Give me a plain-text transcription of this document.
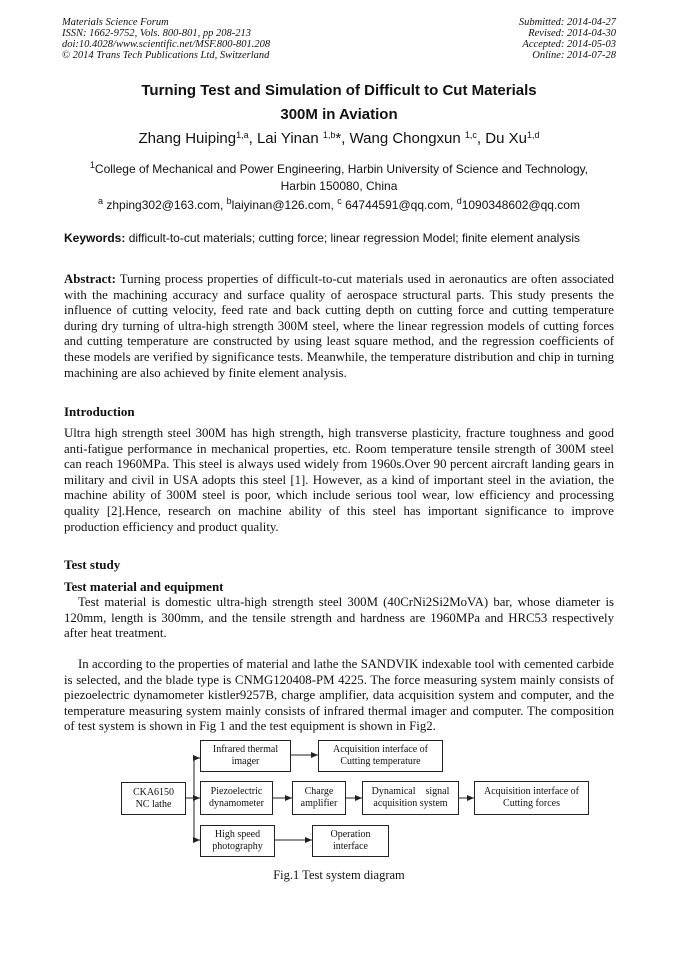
Materials Science Forum
ISSN: 1662-9752, Vols. 800-801, pp 208-213
doi:10.4028/www.scientific.net/MSF.800-801.208
© 2014 Trans Tech Publications Ltd, Switzerland
Submitted: 2014-04-27
Revised: 2014-04-30
Accepted: 2014-05-03
Online: 2014-07-28
Turning Test and Simulation of Difficult to Cut Materials
300M in Aviation
Zhang Huiping$^{1,a}$, Lai Yinan $^{1,b}$*, Wang Chongxun $^{1,c}$, Du Xu$^{1,d}$
$^1$College of Mechanical and Power Engineering, Harbin University of Science and Technology, Harbin 150080, China
$^a$ zhping302@163.com, $^b$laiyinan@126.com, $^c$ 64744591@qq.com, $^d$1090348602@qq.com
Keywords: difficult-to-cut materials; cutting force; linear regression Model; finite element analysis
Abstract: Turning process properties of difficult-to-cut materials used in aeronautics are often associated with the machining accuracy and surface quality of aerospace structural parts. This study presents the influence of cutting velocity, feed rate and back cutting depth on cutting force and cutting temperature during dry turning of ultra-high strength 300M steel, where the linear regression models of cutting forces and cutting temperature are constructed by using least square method, and the regression coefficients of these models are verified by significance tests. Meanwhile, the temperature distribution and chip in turning machining are also achieved by finite element analysis.
Introduction
Ultra high strength steel 300M has high strength, high transverse plasticity, fracture toughness and good anti-fatigue performance in mechanical properties, etc. Room temperature tensile strength of 300M steel can reach 1960MPa. This steel is always used widely from 1960s.Over 90 percent aircraft landing gears in military and civil in USA adopts this steel [1]. However, as a kind of important steel in the aviation, the machine ability of 300M steel is poor, which include serious tool wear, low efficiency and processing quality [2].Hence, research on machine ability of this steel has important significance to improve production efficiency and product quality.
Test study
Test material and equipment
Test material is domestic ultra-high strength steel 300M (40CrNi2Si2MoVA) bar, whose diameter is 120mm, length is 300mm, and the tensile strength and hardness are 1960MPa and HRC53 respectively after heat treatment.
In according to the properties of material and lathe the SANDVIK indexable tool with cemented carbide is selected, and the blade type is CNMG120408-PM 4225. The force measuring system mainly consists of piezoelectric dynamometer kistler9257B, charge amplifier, data acquisition system and computer, and the temperature measuring system mainly consists of infrared thermal imager and computer. The composition of test system is shown in Fig 1 and the test equipment is shown in Fig2.
CKA6150
NC lathe
Infrared thermal
imager
Acquisition interface of
Cutting temperature
Piezoelectric
dynamometer
Charge
amplifier
Dynamical    signal
acquisition system
Acquisition interface of
Cutting forces
High speed
photography
Operation
interface
Fig.1 Test system diagram
